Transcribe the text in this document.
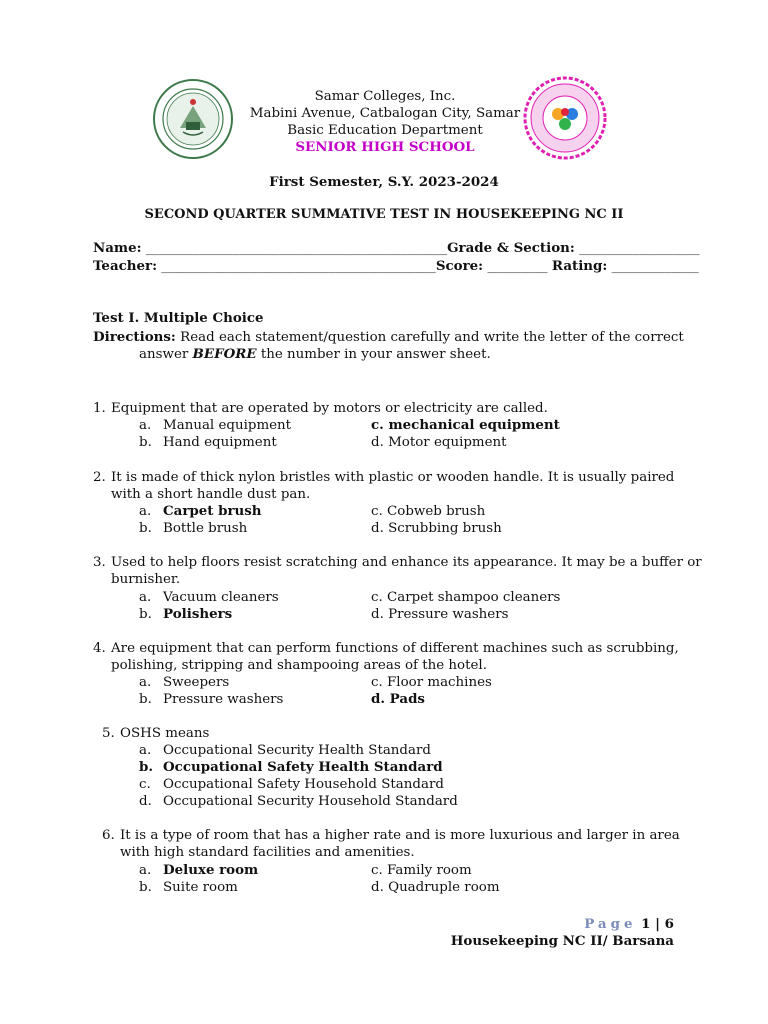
Samar Colleges, Inc.
Mabini Avenue, Catbalogan City, Samar
Basic Education Department
SENIOR HIGH SCHOOL
First Semester, S.Y. 2023-2024
SECOND QUARTER SUMMATIVE TEST IN HOUSEKEEPING NC II
Name: _____________________________________________Grade & Section: __________________
Teacher: _________________________________________Score: _________ Rating: _____________
Test I. Multiple Choice
Directions: Read each statement/question carefully and write the letter of the correct
answer BEFORE the number in your answer sheet.
1. Equipment that are operated by motors or electricity are called.
a. Manual equipment	c. mechanical equipment
b. Hand equipment	d. Motor equipment
2. It is made of thick nylon bristles with plastic or wooden handle. It is usually paired
with a short handle dust pan.
a. Carpet brush	c. Cobweb brush
b. Bottle brush	d. Scrubbing brush
3. Used to help floors resist scratching and enhance its appearance. It may be a buffer or
burnisher.
a. Vacuum cleaners	c. Carpet shampoo cleaners
b. Polishers	d. Pressure washers
4. Are equipment that can perform functions of different machines such as scrubbing,
polishing, stripping and shampooing areas of the hotel.
a. Sweepers	c. Floor machines
b. Pressure washers	d. Pads
5. OSHS means
a. Occupational Security Health Standard
b. Occupational Safety Health Standard
c. Occupational Safety Household Standard
d. Occupational Security Household Standard
6. It is a type of room that has a higher rate and is more luxurious and larger in area
with high standard facilities and amenities.
a. Deluxe room	c. Family room
b. Suite room	d. Quadruple room
Page 1 | 6
Housekeeping NC II/ Barsana
